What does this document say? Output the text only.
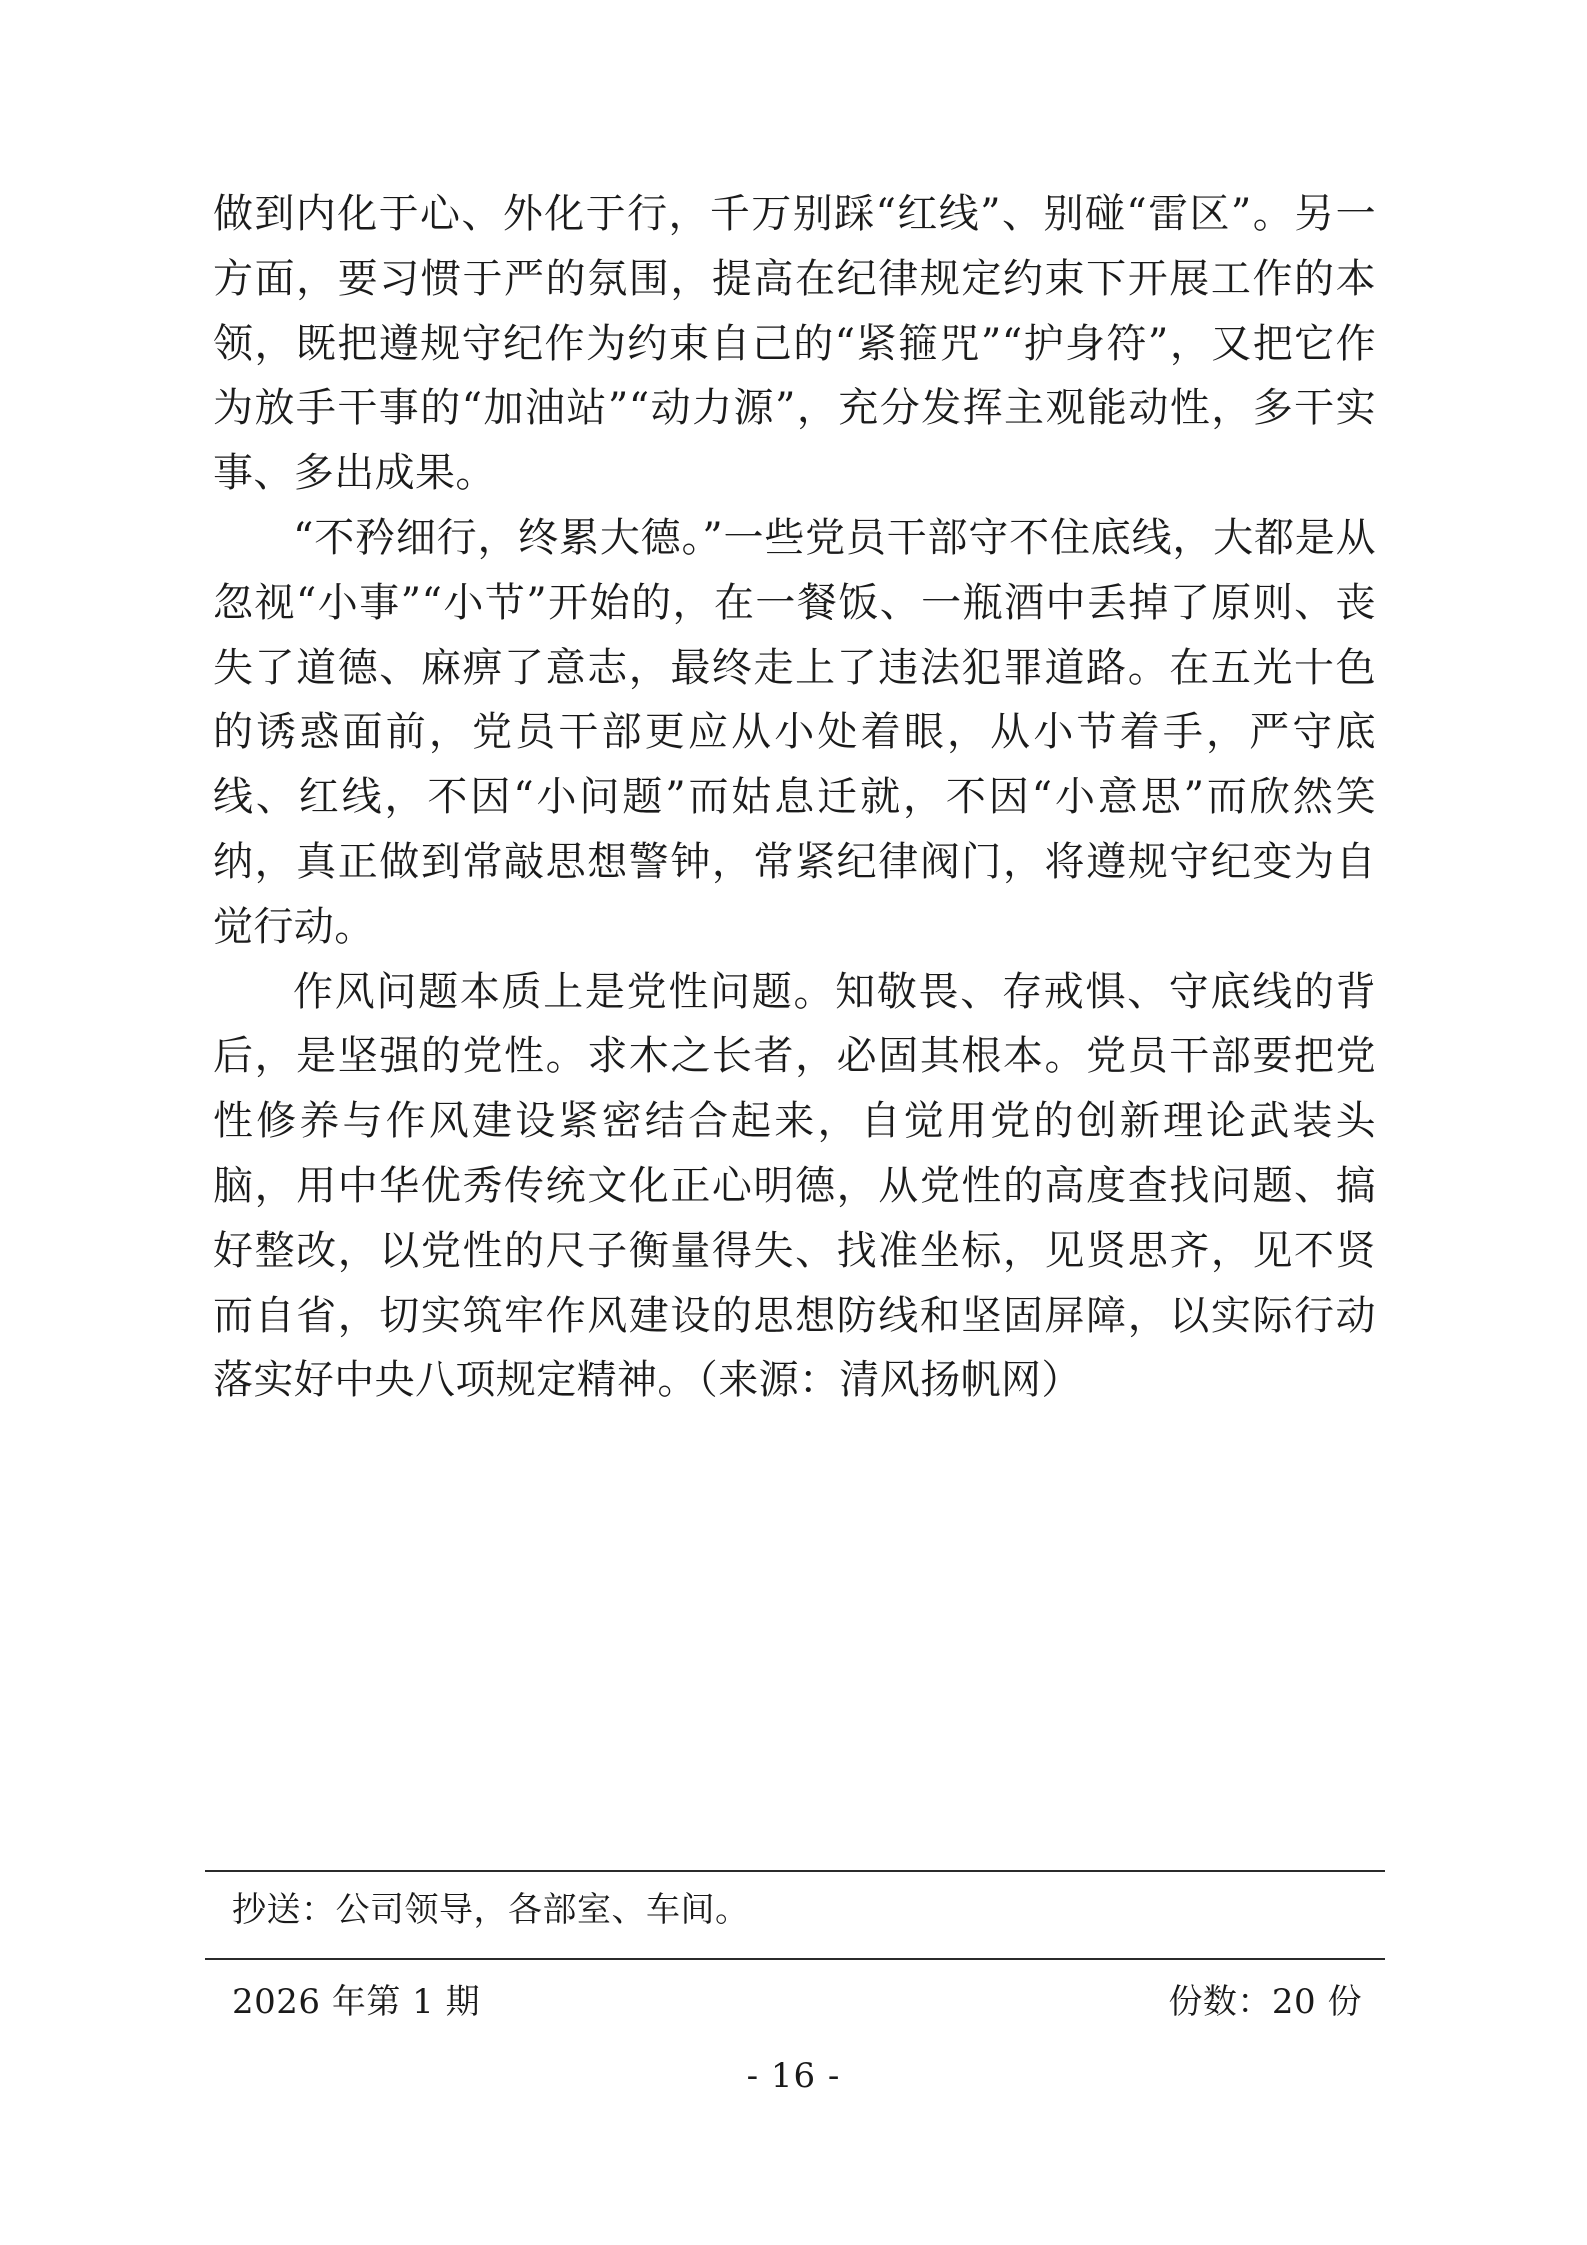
做到内化于心、外化于行，千万别踩“红线”、别碰“雷区”。另一方面，要习惯于严的氛围，提高在纪律规定约束下开展工作的本领，既把遵规守纪作为约束自己的“紧箍咒”“护身符”，又把它作为放手干事的“加油站”“动力源”，充分发挥主观能动性，多干实事、多出成果。

“不矜细行，终累大德。”一些党员干部守不住底线，大都是从忽视“小事”“小节”开始的，在一餐饭、一瓶酒中丢掉了原则、丧失了道德、麻痹了意志，最终走上了违法犯罪道路。在五光十色的诱惑面前，党员干部更应从小处着眼，从小节着手，严守底线、红线，不因“小问题”而姑息迁就，不因“小意思”而欣然笑纳，真正做到常敲思想警钟，常紧纪律阀门，将遵规守纪变为自觉行动。

作风问题本质上是党性问题。知敬畏、存戒惧、守底线的背后，是坚强的党性。求木之长者，必固其根本。党员干部要把党性修养与作风建设紧密结合起来，自觉用党的创新理论武装头脑，用中华优秀传统文化正心明德，从党性的高度查找问题、搞好整改，以党性的尺子衡量得失、找准坐标，见贤思齐，见不贤而自省，切实筑牢作风建设的思想防线和坚固屏障，以实际行动落实好中央八项规定精神。（来源：清风扬帆网）

抄送：公司领导，各部室、车间。
2026 年第 1 期	份数：20 份
- 16 -
